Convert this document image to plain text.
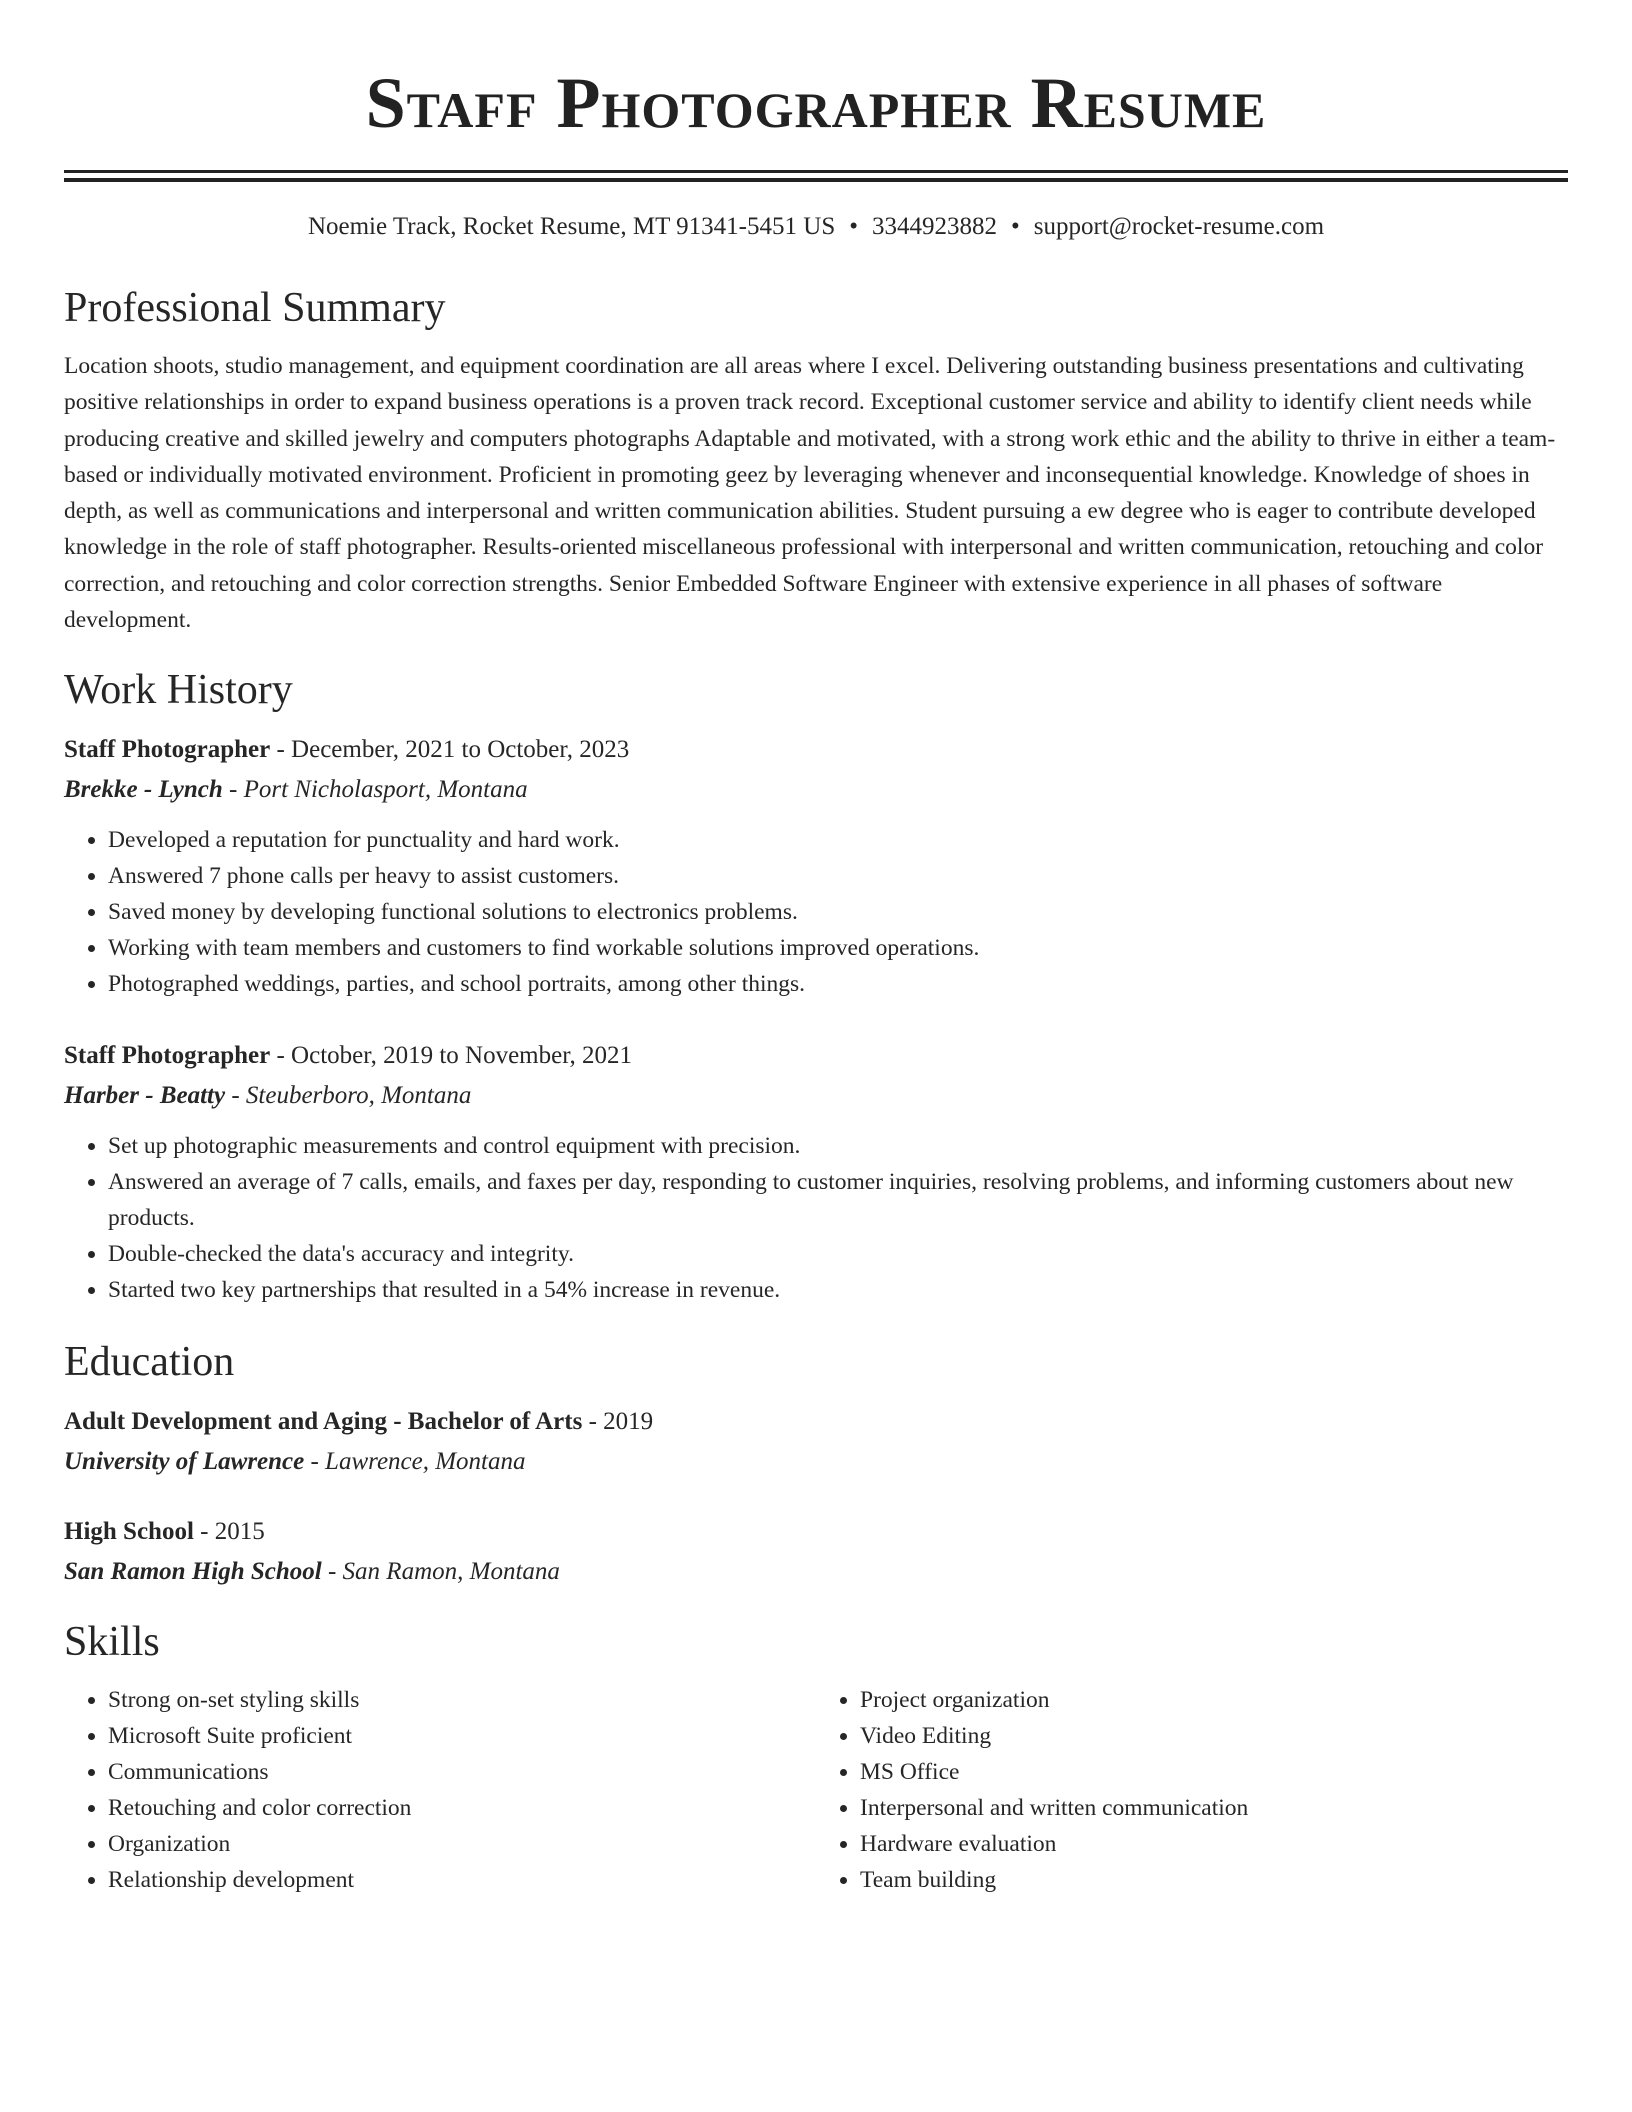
Staff Photographer Resume
Noemie Track, Rocket Resume, MT 91341-5451 US • 3344923882 • support@rocket-resume.com
Professional Summary

Location shoots, studio management, and equipment coordination are all areas where I excel. Delivering outstanding business presentations and cultivating positive relationships in order to expand business operations is a proven track record. Exceptional customer service and ability to identify client needs while producing creative and skilled jewelry and computers photographs Adaptable and motivated, with a strong work ethic and the ability to thrive in either a team-based or individually motivated environment. Proficient in promoting geez by leveraging whenever and inconsequential knowledge. Knowledge of shoes in depth, as well as communications and interpersonal and written communication abilities. Student pursuing a ew degree who is eager to contribute developed knowledge in the role of staff photographer. Results-oriented miscellaneous professional with interpersonal and written communication, retouching and color correction, and retouching and color correction strengths. Senior Embedded Software Engineer with extensive experience in all phases of software development.

Work History
Staff Photographer - December, 2021 to October, 2023
Brekke - Lynch - Port Nicholasport, Montana
• Developed a reputation for punctuality and hard work.
• Answered 7 phone calls per heavy to assist customers.
• Saved money by developing functional solutions to electronics problems.
• Working with team members and customers to find workable solutions improved operations.
• Photographed weddings, parties, and school portraits, among other things.
Staff Photographer - October, 2019 to November, 2021
Harber - Beatty - Steuberboro, Montana
• Set up photographic measurements and control equipment with precision.
• Answered an average of 7 calls, emails, and faxes per day, responding to customer inquiries, resolving problems, and informing customers about new products.
• Double-checked the data's accuracy and integrity.
• Started two key partnerships that resulted in a 54% increase in revenue.
Education
Adult Development and Aging - Bachelor of Arts - 2019
University of Lawrence - Lawrence, Montana
High School - 2015
San Ramon High School - San Ramon, Montana
Skills
• Strong on-set styling skills
• Microsoft Suite proficient
• Communications
• Retouching and color correction
• Organization
• Relationship development
• Project organization
• Video Editing
• MS Office
• Interpersonal and written communication
• Hardware evaluation
• Team building
